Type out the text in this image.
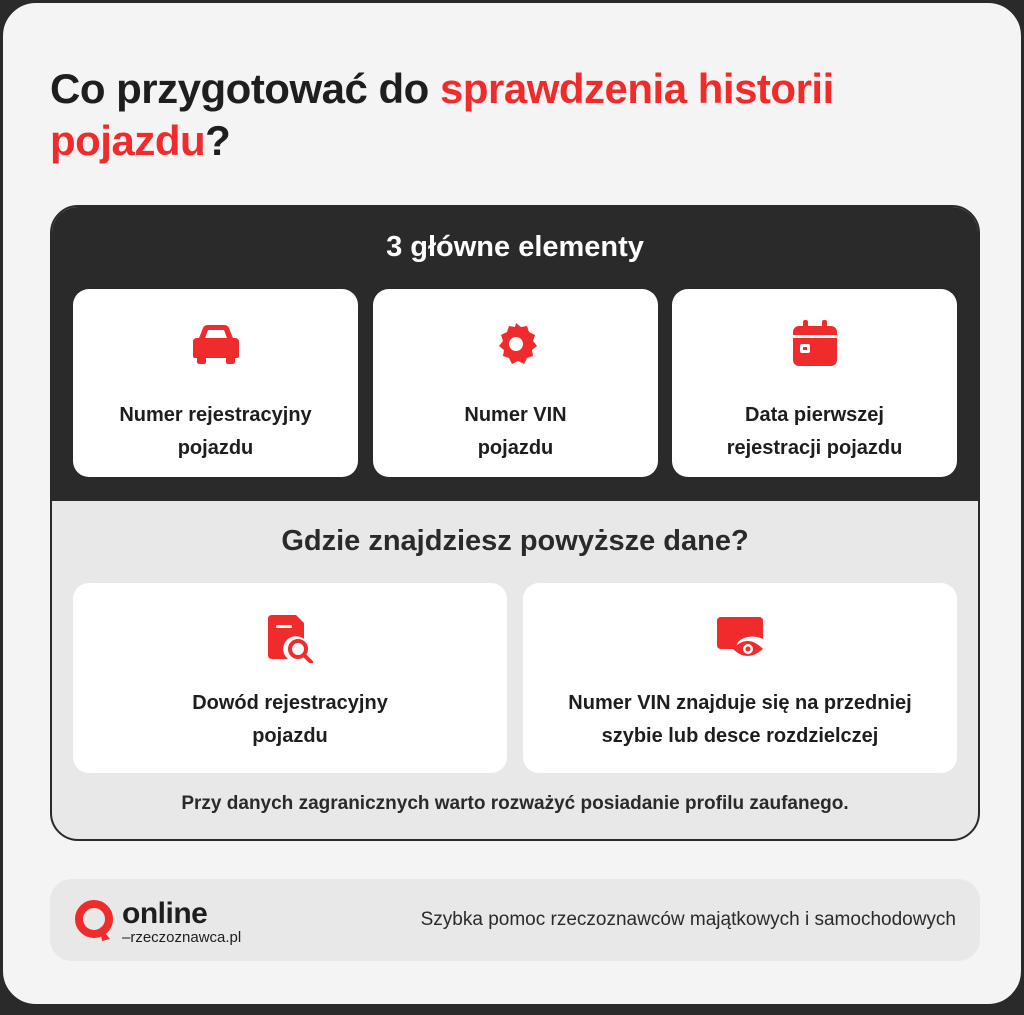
Co przygotować do sprawdzenia historii pojazdu?
3 główne elementy
Numer rejestracyjny
pojazdu
Numer VIN
pojazdu
Data pierwszej
rejestracji pojazdu
Gdzie znajdziesz powyższe dane?
Dowód rejestracyjny
pojazdu
Numer VIN znajduje się na przedniej
szybie lub desce rozdzielczej
Przy danych zagranicznych warto rozważyć posiadanie profilu zaufanego.
online
–rzeczoznawca.pl
Szybka pomoc rzeczoznawców majątkowych i samochodowych
